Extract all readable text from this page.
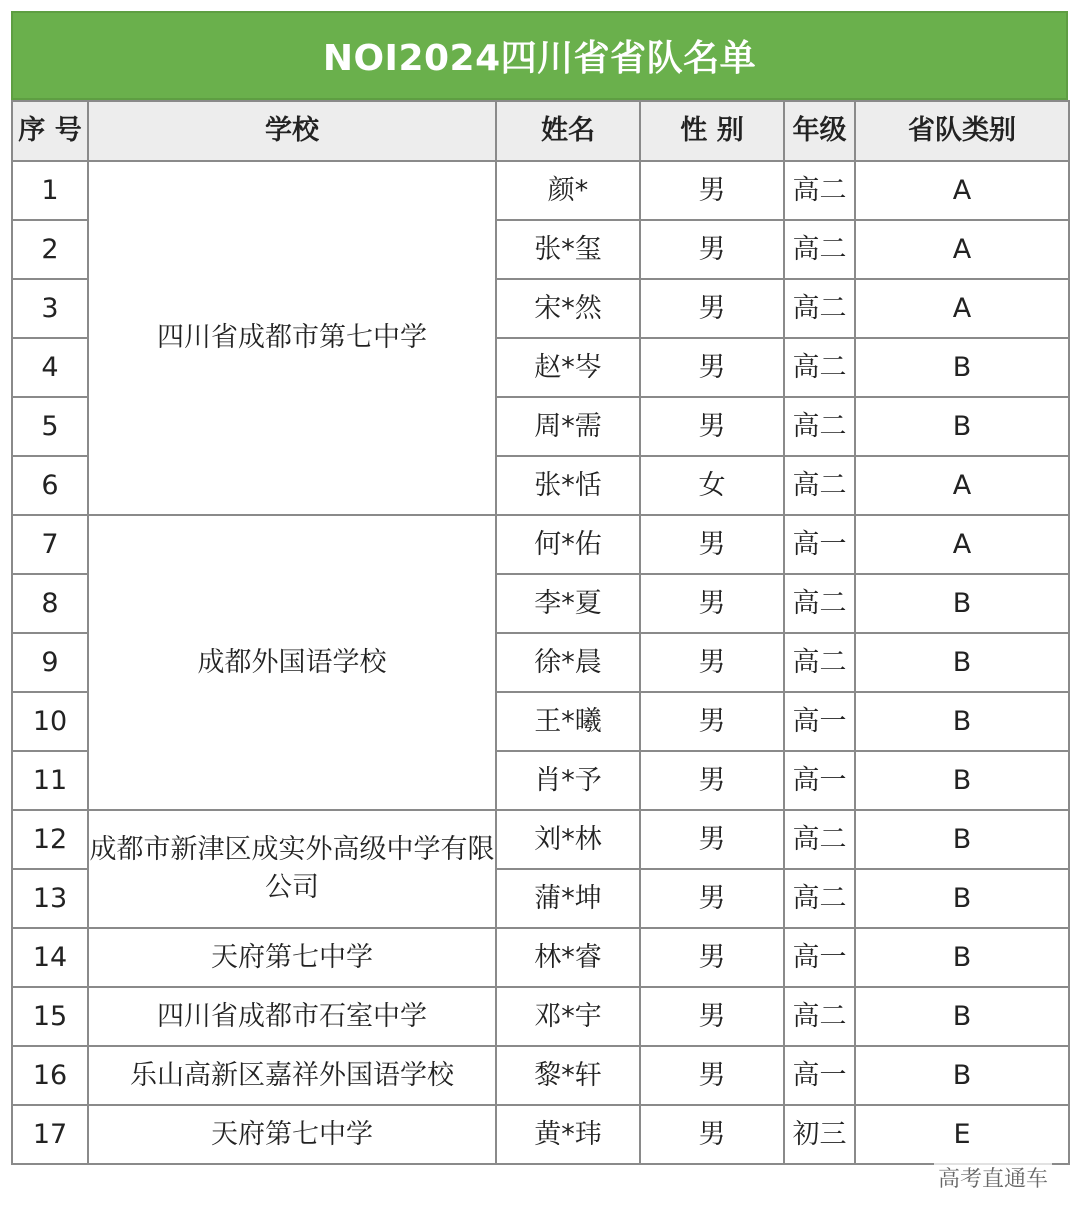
NOI2024四川省省队名单
序 号	学校	姓名	性 别	年级	省队类别
1	四川省成都市第七中学	颜*	男	高二	A
2		张*玺	男	高二	A
3		宋*然	男	高二	A
4		赵*岑	男	高二	B
5		周*需	男	高二	B
6		张*恬	女	高二	A
7	成都外国语学校	何*佑	男	高一	A
8		李*夏	男	高二	B
9		徐*晨	男	高二	B
10		王*曦	男	高一	B
11		肖*予	男	高一	B
12	成都市新津区成实外高级中学有限公司	刘*林	男	高二	B
13		蒲*坤	男	高二	B
14	天府第七中学	林*睿	男	高一	B
15	四川省成都市石室中学	邓*宇	男	高二	B
16	乐山高新区嘉祥外国语学校	黎*轩	男	高一	B
17	天府第七中学	黄*玮	男	初三	E
高考直通车
